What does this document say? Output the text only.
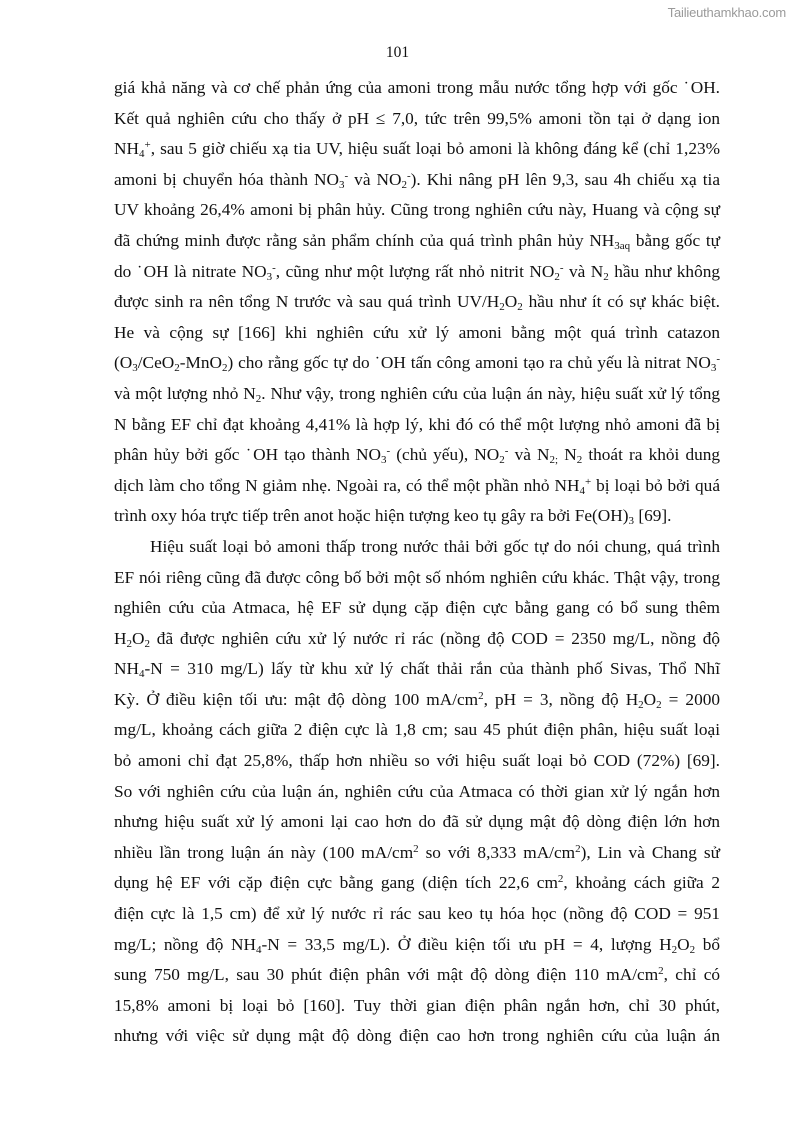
Tailieuthamkhao.com
101
giá khả năng và cơ chế phản ứng của amoni trong mẫu nước tổng hợp với gốc ˙OH.
Kết quả nghiên cứu cho thấy ở pH ≤ 7,0, tức trên 99,5% amoni tồn tại ở dạng ion
$NH_4^+$, sau 5 giờ chiếu xạ tia UV, hiệu suất loại bỏ amoni là không đáng kể (chỉ 1,23%
amoni bị chuyển hóa thành $NO_3^-$ và $NO_2^-$). Khi nâng pH lên 9,3, sau 4h chiếu xạ tia
UV khoảng 26,4% amoni bị phân hủy. Cũng trong nghiên cứu này, Huang và cộng sự
đã chứng minh được rằng sản phẩm chính của quá trình phân hủy $NH_{3aq}$ bằng gốc tự
do ˙OH là nitrate $NO_3^-$, cũng như một lượng rất nhỏ nitrit $NO_2^-$ và $N_2$ hầu như không
được sinh ra nên tổng N trước và sau quá trình $UV/H_2O_2$ hầu như ít có sự khác biệt.
He và cộng sự [166] khi nghiên cứu xử lý amoni bằng một quá trình catazon
$(O_3/CeO_2-MnO_2)$ cho rằng gốc tự do ˙OH tấn công amoni tạo ra chủ yếu là nitrat $NO_3^-$
và một lượng nhỏ $N_2$. Như vậy, trong nghiên cứu của luận án này, hiệu suất xử lý tổng
N bằng EF chỉ đạt khoảng 4,41% là hợp lý, khi đó có thể một lượng nhỏ amoni đã bị
phân hủy bởi gốc ˙OH tạo thành $NO_3^-$ (chủ yếu), $NO_2^-$ và $N_{2;}$ $N_2$ thoát ra khỏi dung
dịch làm cho tổng N giảm nhẹ. Ngoài ra, có thể một phần nhỏ $NH_4^+$ bị loại bỏ bởi quá
trình oxy hóa trực tiếp trên anot hoặc hiện tượng keo tụ gây ra bởi $Fe(OH)_3$ [69].
Hiệu suất loại bỏ amoni thấp trong nước thải bởi gốc tự do nói chung, quá trình
EF nói riêng cũng đã được công bố bởi một số nhóm nghiên cứu khác. Thật vậy, trong
nghiên cứu của Atmaca, hệ EF sử dụng cặp điện cực bằng gang có bổ sung thêm
$H_2O_2$ đã được nghiên cứu xử lý nước rỉ rác (nồng độ COD = 2350 mg/L, nồng độ
$NH_4-N = 310$ mg/L) lấy từ khu xử lý chất thải rắn của thành phố Sivas, Thổ Nhĩ
Kỳ. Ở điều kiện tối ưu: mật độ dòng 100 $mA/cm^2$, pH = 3, nồng độ $H_2O_2 = 2000$
mg/L, khoảng cách giữa 2 điện cực là 1,8 cm; sau 45 phút điện phân, hiệu suất loại
bỏ amoni chỉ đạt 25,8%, thấp hơn nhiều so với hiệu suất loại bỏ COD (72%) [69].
So với nghiên cứu của luận án, nghiên cứu của Atmaca có thời gian xử lý ngắn hơn
nhưng hiệu suất xử lý amoni lại cao hơn do đã sử dụng mật độ dòng điện lớn hơn
nhiều lần trong luận án này (100 $mA/cm^2$ so với 8,333 $mA/cm^2$), Lin và Chang sử
dụng hệ EF với cặp điện cực bằng gang (diện tích 22,6 $cm^2$, khoảng cách giữa 2
điện cực là 1,5 cm) để xử lý nước rỉ rác sau keo tụ hóa học (nồng độ COD = 951
mg/L; nồng độ $NH_4-N = 33,5$ mg/L). Ở điều kiện tối ưu pH = 4, lượng $H_2O_2$ bổ
sung 750 mg/L, sau 30 phút điện phân với mật độ dòng điện 110 $mA/cm^2$, chỉ có
15,8% amoni bị loại bỏ [160]. Tuy thời gian điện phân ngắn hơn, chỉ 30 phút,
nhưng với việc sử dụng mật độ dòng điện cao hơn trong nghiên cứu của luận án
